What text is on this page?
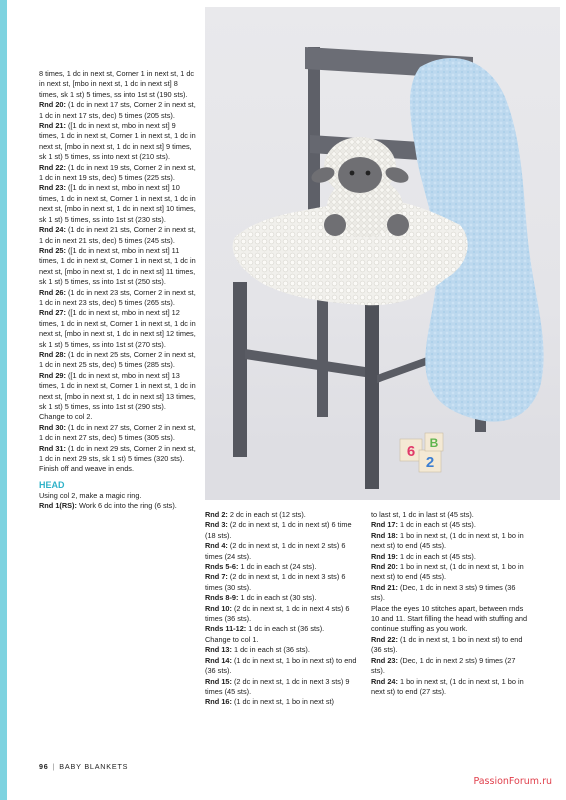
6
2
B

8 times, 1 dc in next st, Corner 1 in next st, 1 dc in next st, [mbo in next st, 1 dc in next st] 8 times, sk 1 st) 5 times, ss into 1st st (190 sts).

Rnd 20: (1 dc in next 17 sts, Corner 2 in next st, 1 dc in next 17 sts, dec) 5 times (205 sts).

Rnd 21: ([1 dc in next st, mbo in next st] 9 times, 1 dc in next st, Corner 1 in next st, 1 dc in next st, [mbo in next st, 1 dc in next st] 9 times, sk 1 st) 5 times, ss into next st (210 sts).

Rnd 22: (1 dc in next 19 sts, Corner 2 in next st, 1 dc in next 19 sts, dec) 5 times (225 sts).

Rnd 23: ([1 dc in next st, mbo in next st] 10 times, 1 dc in next st, Corner 1 in next st, 1 dc in next st, [mbo in next st, 1 dc in next st] 10 times, sk 1 st) 5 times, ss into 1st st (230 sts).

Rnd 24: (1 dc in next 21 sts, Corner 2 in next st, 1 dc in next 21 sts, dec) 5 times (245 sts).

Rnd 25: ([1 dc in next st, mbo in next st] 11 times, 1 dc in next st, Corner 1 in next st, 1 dc in next st, [mbo in next st, 1 dc in next st] 11 times, sk 1 st) 5 times, ss into 1st st (250 sts).

Rnd 26: (1 dc in next 23 sts, Corner 2 in next st, 1 dc in next 23 sts, dec) 5 times (265 sts).

Rnd 27: ([1 dc in next st, mbo in next st] 12 times, 1 dc in next st, Corner 1 in next st, 1 dc in next st, [mbo in next st, 1 dc in next st] 12 times, sk 1 st) 5 times, ss into 1st st (270 sts).

Rnd 28: (1 dc in next 25 sts, Corner 2 in next st, 1 dc in next 25 sts, dec) 5 times (285 sts).

Rnd 29: ([1 dc in next st, mbo in next st] 13 times, 1 dc in next st, Corner 1 in next st, 1 dc in next st, [mbo in next st, 1 dc in next st] 13 times, sk 1 st) 5 times, ss into 1st st (290 sts).

Change to col 2.

Rnd 30: (1 dc in next 27 sts, Corner 2 in next st, 1 dc in next 27 sts, dec) 5 times (305 sts).

Rnd 31: (1 dc in next 29 sts, Corner 2 in next st, 1 dc in next 29 sts, sk 1 st) 5 times (320 sts).

Finish off and weave in ends.

HEAD

Using col 2, make a magic ring.

Rnd 1(RS): Work 6 dc into the ring (6 sts).

Rnd 2: 2 dc in each st (12 sts).

Rnd 3: (2 dc in next st, 1 dc in next st) 6 time (18 sts).

Rnd 4: (2 dc in next st, 1 dc in next 2 sts) 6 times (24 sts).

Rnds 5-6: 1 dc in each st (24 sts).

Rnd 7: (2 dc in next st, 1 dc in next 3 sts) 6 times (30 sts).

Rnds 8-9: 1 dc in each st (30 sts).

Rnd 10: (2 dc in next st, 1 dc in next 4 sts) 6 times (36 sts).

Rnds 11-12: 1 dc in each st (36 sts).

Change to col 1.

Rnd 13: 1 dc in each st (36 sts).

Rnd 14: (1 dc in next st, 1 bo in next st) to end (36 sts).

Rnd 15: (2 dc in next st, 1 dc in next 3 sts) 9 times (45 sts).

Rnd 16: (1 dc in next st, 1 bo in next st)

to last st, 1 dc in last st (45 sts).

Rnd 17: 1 dc in each st (45 sts).

Rnd 18: 1 bo in next st, (1 dc in next st, 1 bo in next st) to end (45 sts).

Rnd 19: 1 dc in each st (45 sts).

Rnd 20: 1 bo in next st, (1 dc in next st, 1 bo in next st) to end (45 sts).

Rnd 21: (Dec, 1 dc in next 3 sts) 9 times (36 sts).

Place the eyes 10 stitches apart, between rnds 10 and 11. Start filling the head with stuffing and continue stuffing as you work.

Rnd 22: (1 dc in next st, 1 bo in next st) to end (36 sts).

Rnd 23: (Dec, 1 dc in next 2 sts) 9 times (27 sts).

Rnd 24: 1 bo in next st, (1 dc in next st, 1 bo in next st) to end (27 sts).

96 | BABY BLANKETS
PassionForum.ru
